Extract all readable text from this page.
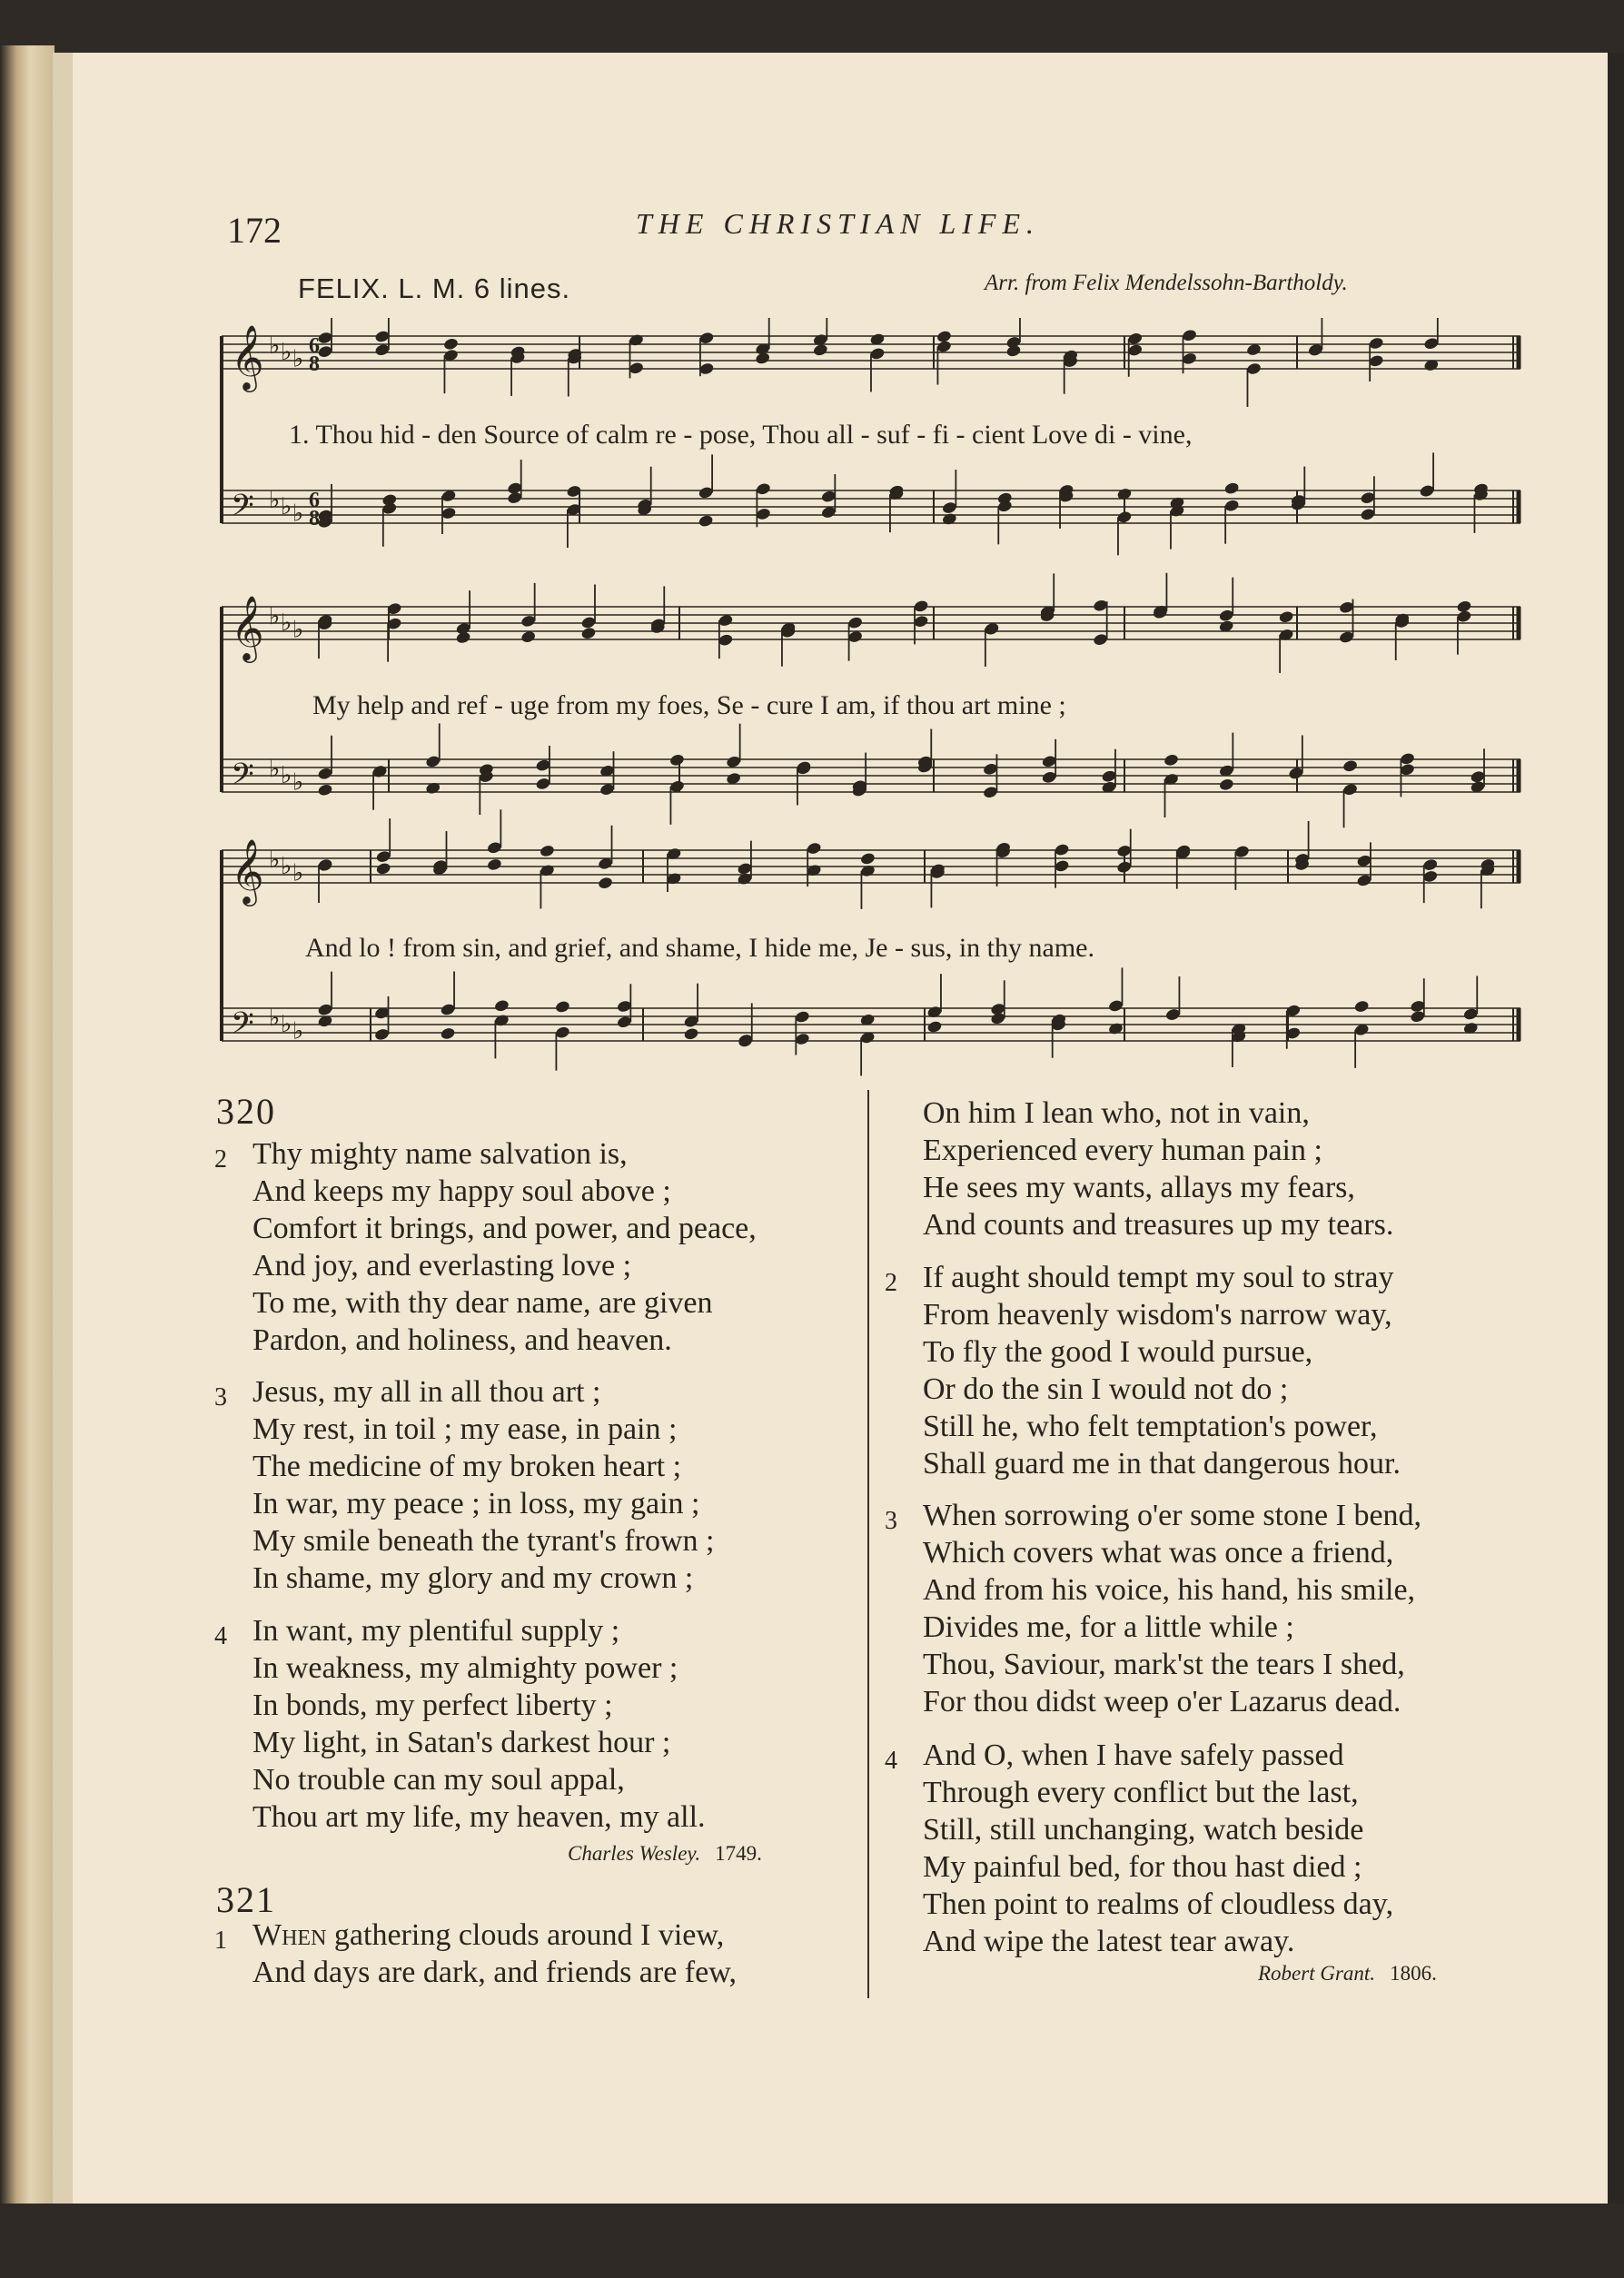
172	THE CHRISTIAN LIFE.
FELIX. L. M. 6 lines.	Arr. from Felix Mendelssohn-Bartholdy.
𝄞 ♭ ♭ ♭
𝄢 ♭ ♭ ♭
𝄞 ♭ ♭ ♭
𝄢 ♭ ♭ ♭
𝄞 ♭ ♭ ♭
𝄢 ♭ ♭ ♭
6
8
6
8
1. Thou hid - den Source of calm re - pose, Thou all - suf - fi - cient Love di - vine,
My help and ref - uge from my foes, Se - cure I am, if thou art mine ;
And lo ! from sin, and grief, and shame, I hide me, Je - sus, in thy name.
320
2 Thy mighty name salvation is,
And keeps my happy soul above ;
Comfort it brings, and power, and peace,
And joy, and everlasting love ;
To me, with thy dear name, are given
Pardon, and holiness, and heaven.
3 Jesus, my all in all thou art ;
My rest, in toil ; my ease, in pain ;
The medicine of my broken heart ;
In war, my peace ; in loss, my gain ;
My smile beneath the tyrant's frown ;
In shame, my glory and my crown ;
4 In want, my plentiful supply ;
In weakness, my almighty power ;
In bonds, my perfect liberty ;
My light, in Satan's darkest hour ;
No trouble can my soul appal,
Thou art my life, my heaven, my all.
Charles Wesley. 1749.
321
1 When gathering clouds around I view,
And days are dark, and friends are few,
On him I lean who, not in vain,
Experienced every human pain ;
He sees my wants, allays my fears,
And counts and treasures up my tears.
2 If aught should tempt my soul to stray
From heavenly wisdom's narrow way,
To fly the good I would pursue,
Or do the sin I would not do ;
Still he, who felt temptation's power,
Shall guard me in that dangerous hour.
3 When sorrowing o'er some stone I bend,
Which covers what was once a friend,
And from his voice, his hand, his smile,
Divides me, for a little while ;
Thou, Saviour, mark'st the tears I shed,
For thou didst weep o'er Lazarus dead.
4 And O, when I have safely passed
Through every conflict but the last,
Still, still unchanging, watch beside
My painful bed, for thou hast died ;
Then point to realms of cloudless day,
And wipe the latest tear away.
Robert Grant. 1806.
